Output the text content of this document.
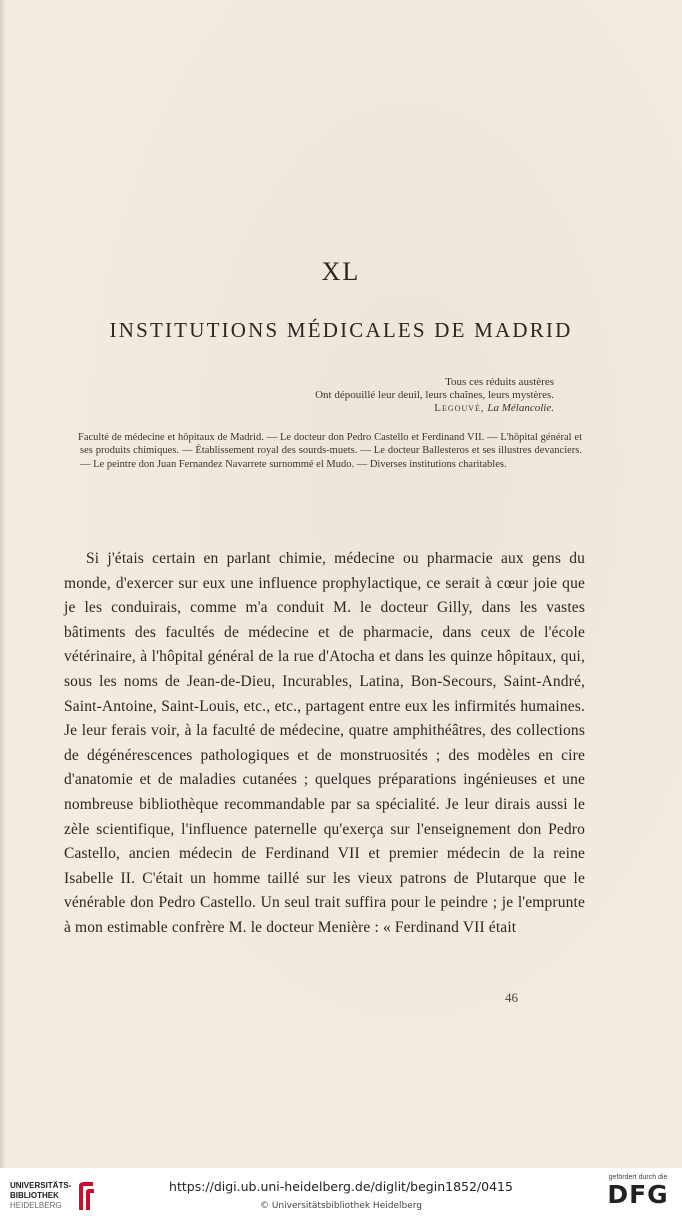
XL
INSTITUTIONS MÉDICALES DE MADRID
Tous ces réduits austères
Ont dépouillé leur deuil, leurs chaînes, leurs mystères.
Legouvé, La Mélancolie.

Faculté de médecine et hôpitaux de Madrid. — Le docteur don Pedro Castello et Ferdinand VII. — L'hôpital général et ses produits chimiques. — Établissement royal des sourds-muets. — Le docteur Ballesteros et ses illustres devanciers. — Le peintre don Juan Fernandez Navarrete surnommé el Mudo. — Diverses institutions charitables.

Si j'étais certain en parlant chimie, médecine ou pharmacie aux gens du monde, d'exercer sur eux une influence prophylactique, ce serait à cœur joie que je les conduirais, comme m'a conduit M. le docteur Gilly, dans les vastes bâtiments des facultés de médecine et de pharmacie, dans ceux de l'école vétérinaire, à l'hôpital général de la rue d'Atocha et dans les quinze hôpitaux, qui, sous les noms de Jean-de-Dieu, Incurables, Latina, Bon-Secours, Saint-André, Saint-Antoine, Saint-Louis, etc., etc., partagent entre eux les infirmités humaines. Je leur ferais voir, à la faculté de médecine, quatre amphithéâtres, des collections de dégénérescences pathologiques et de monstruosités ; des modèles en cire d'anatomie et de maladies cutanées ; quelques préparations ingénieuses et une nombreuse bibliothèque recommandable par sa spécialité. Je leur dirais aussi le zèle scientifique, l'influence paternelle qu'exerça sur l'enseignement don Pedro Castello, ancien médecin de Ferdinand VII et premier médecin de la reine Isabelle II. C'était un homme taillé sur les vieux patrons de Plutarque que le vénérable don Pedro Castello. Un seul trait suffira pour le peindre ; je l'emprunte à mon estimable confrère M. le docteur Menière : « Ferdinand VII était

46
UNIVERSITÄTS-
BIBLIOTHEK
HEIDELBERG
https://digi.ub.uni-heidelberg.de/diglit/begin1852/0415
© Universitätsbibliothek Heidelberg
gefördert durch die
DFG
